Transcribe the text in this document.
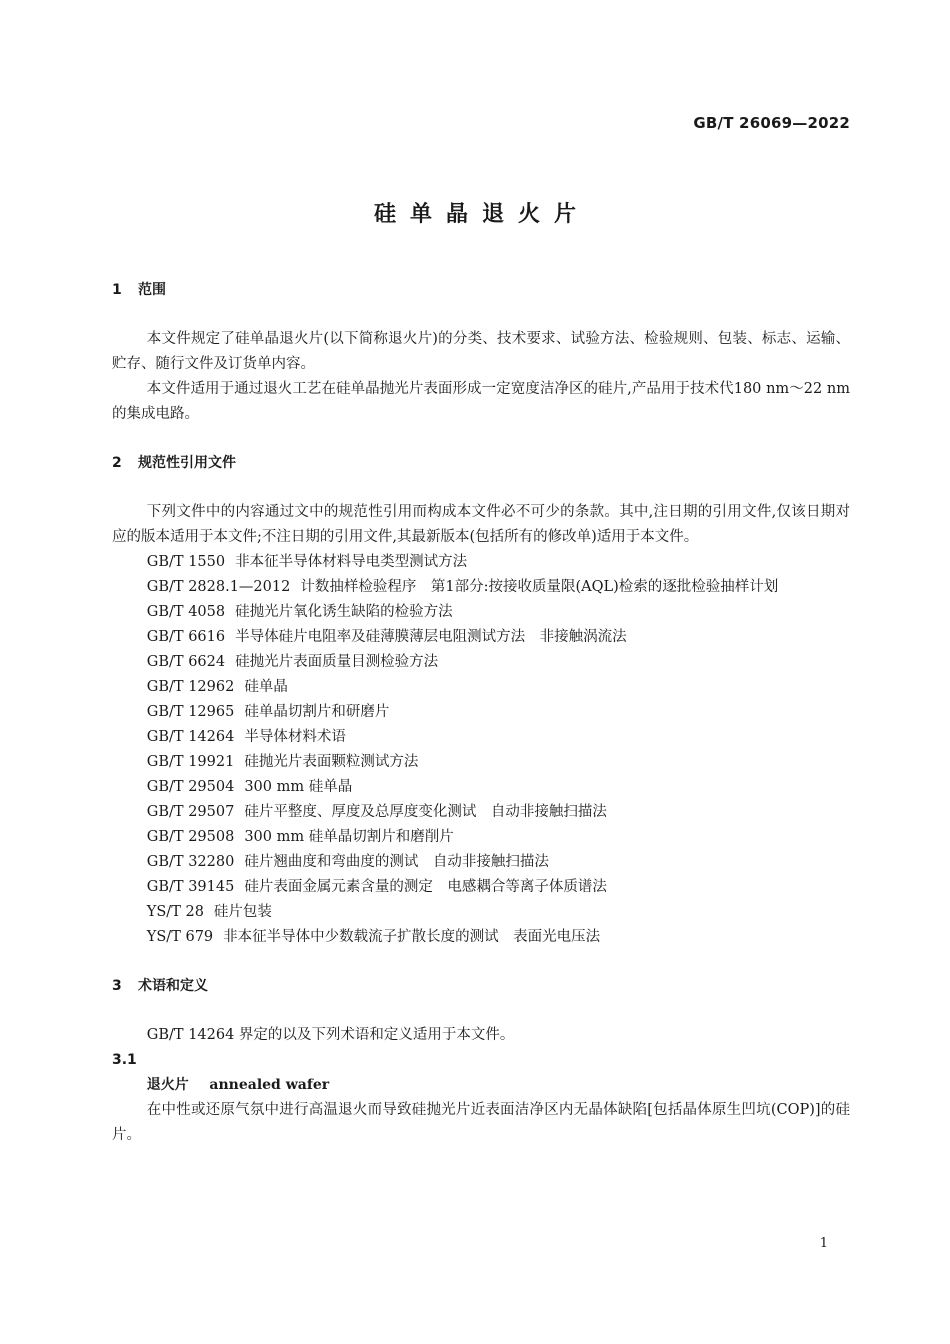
GB/T 26069—2022
硅单晶退火片
1	范围

本文件规定了硅单晶退火片(以下简称退火片)的分类、技术要求、试验方法、检验规则、包装、标志、运输、贮存、随行文件及订货单内容。

本文件适用于通过退火工艺在硅单晶抛光片表面形成一定宽度洁净区的硅片,产品用于技术代180 nm～22 nm的集成电路。

2	规范性引用文件

下列文件中的内容通过文中的规范性引用而构成本文件必不可少的条款。其中,注日期的引用文件,仅该日期对应的版本适用于本文件;不注日期的引用文件,其最新版本(包括所有的修改单)适用于本文件。

GB/T 1550 非本征半导体材料导电类型测试方法

GB/T 2828.1—2012 计数抽样检验程序　第1部分:按接收质量限(AQL)检索的逐批检验抽样计划

GB/T 4058 硅抛光片氧化诱生缺陷的检验方法

GB/T 6616 半导体硅片电阻率及硅薄膜薄层电阻测试方法　非接触涡流法

GB/T 6624 硅抛光片表面质量目测检验方法

GB/T 12962 硅单晶

GB/T 12965 硅单晶切割片和研磨片

GB/T 14264 半导体材料术语

GB/T 19921 硅抛光片表面颗粒测试方法

GB/T 29504 300 mm 硅单晶

GB/T 29507 硅片平整度、厚度及总厚度变化测试　自动非接触扫描法

GB/T 29508 300 mm 硅单晶切割片和磨削片

GB/T 32280 硅片翘曲度和弯曲度的测试　自动非接触扫描法

GB/T 39145 硅片表面金属元素含量的测定　电感耦合等离子体质谱法

YS/T 28 硅片包装

YS/T 679 非本征半导体中少数载流子扩散长度的测试　表面光电压法

3	术语和定义

GB/T 14264 界定的以及下列术语和定义适用于本文件。

3.1

退火片 annealed wafer

在中性或还原气氛中进行高温退火而导致硅抛光片近表面洁净区内无晶体缺陷[包括晶体原生凹坑(COP)]的硅片。

1
